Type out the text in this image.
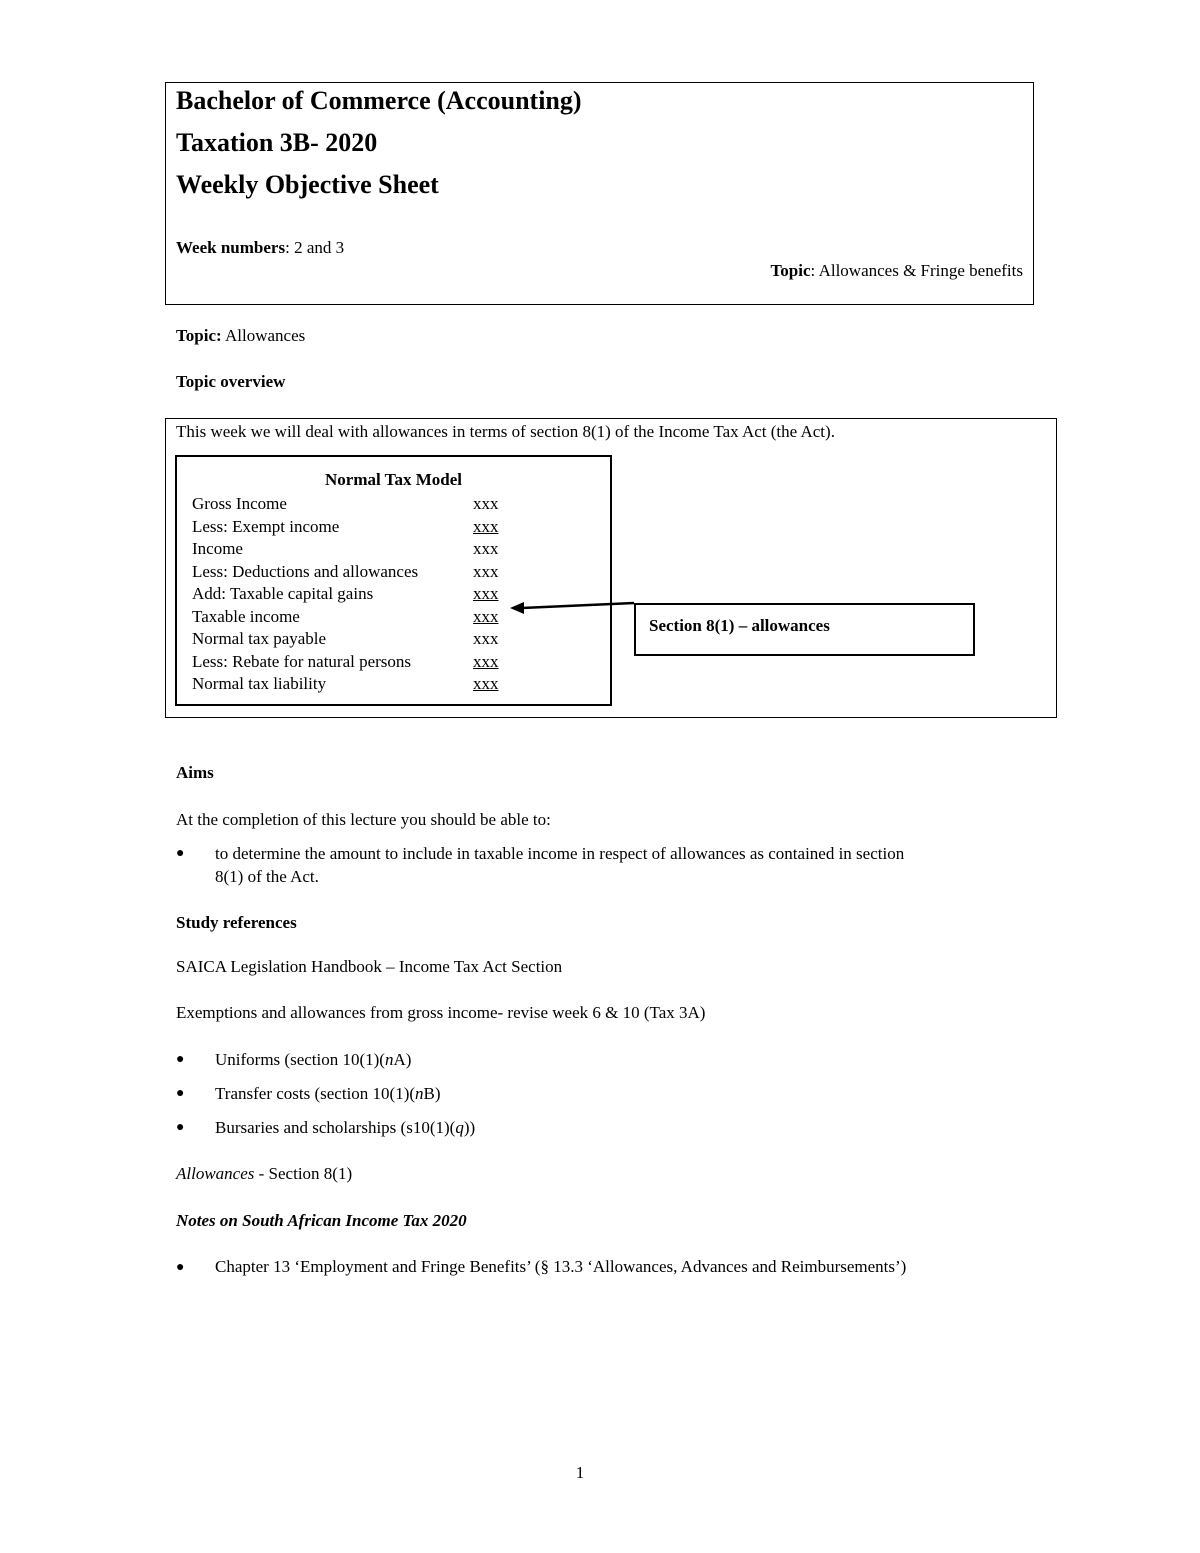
Bachelor of Commerce (Accounting)
Taxation 3B- 2020
Weekly Objective Sheet
Week numbers: 2 and 3
Topic: Allowances & Fringe benefits
Topic: Allowances
Topic overview
This week we will deal with allowances in terms of section 8(1) of the Income Tax Act (the Act).
Normal Tax Model
Gross Income	xxx
Less: Exempt income	xxx
Income	xxx
Less: Deductions and allowances	xxx
Add: Taxable capital gains	xxx
Taxable income	xxx
Normal tax payable	xxx
Less: Rebate for natural persons	xxx
Normal tax liability	xxx
Section 8(1) – allowances
Aims
At the completion of this lecture you should be able to:
● to determine the amount to include in taxable income in respect of allowances as contained in section
8(1) of the Act.
Study references
SAICA Legislation Handbook – Income Tax Act Section
Exemptions and allowances from gross income- revise week 6 & 10 (Tax 3A)
● Uniforms (section 10(1)(nA)
● Transfer costs (section 10(1)(nB)
● Bursaries and scholarships (s10(1)(q))
Allowances - Section 8(1)
Notes on South African Income Tax 2020
● Chapter 13 ‘Employment and Fringe Benefits’ (§ 13.3 ‘Allowances, Advances and Reimbursements’)
1
